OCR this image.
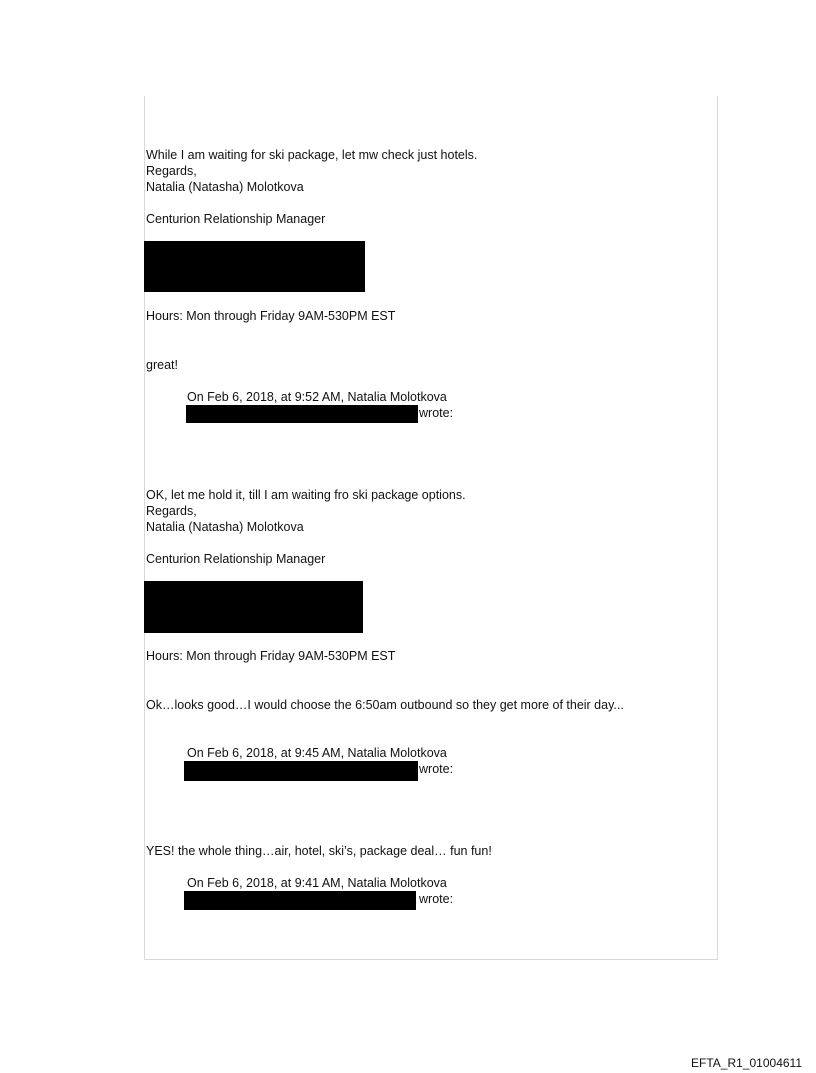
While I am waiting for ski package, let mw check just hotels.

Regards,

Natalia (Natasha) Molotkova

Centurion Relationship Manager

Hours: Mon through Friday 9AM-530PM EST

great!

On Feb 6, 2018, at 9:52 AM, Natalia Molotkova

wrote:

OK, let me hold it, till I am waiting fro ski package options.

Regards,

Natalia (Natasha) Molotkova

Centurion Relationship Manager

Hours: Mon through Friday 9AM-530PM EST

Ok…looks good…I would choose the 6:50am outbound so they get more of their day...

On Feb 6, 2018, at 9:45 AM, Natalia Molotkova

wrote:

YES! the whole thing…air, hotel, ski’s, package deal… fun fun!

On Feb 6, 2018, at 9:41 AM, Natalia Molotkova

wrote:

EFTA_R1_01004611
